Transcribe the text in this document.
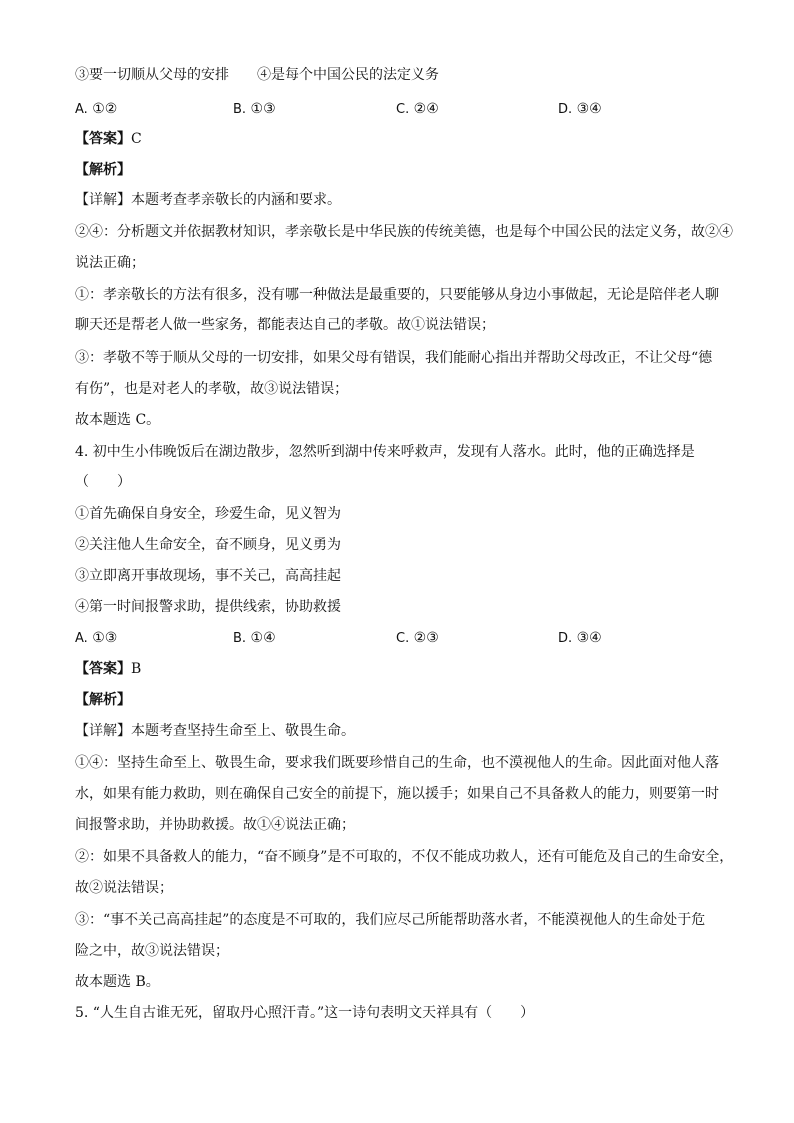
③要一切顺从父母的安排　　④是每个中国公民的法定义务
A. ①②	B. ①③	C. ②④	D. ③④
【答案】C
【解析】
【详解】本题考查孝亲敬长的内涵和要求。
②④：分析题文并依据教材知识，孝亲敬长是中华民族的传统美德，也是每个中国公民的法定义务，故②④
说法正确；
①：孝亲敬长的方法有很多，没有哪一种做法是最重要的，只要能够从身边小事做起，无论是陪伴老人聊
聊天还是帮老人做一些家务，都能表达自己的孝敬。故①说法错误；
③：孝敬不等于顺从父母的一切安排，如果父母有错误，我们能耐心指出并帮助父母改正，不让父母“德
有伤”，也是对老人的孝敬，故③说法错误；
故本题选 C。
4. 初中生小伟晚饭后在湖边散步，忽然听到湖中传来呼救声，发现有人落水。此时，他的正确选择是
（　　）
①首先确保自身安全，珍爱生命，见义智为
②关注他人生命安全，奋不顾身，见义勇为
③立即离开事故现场，事不关己，高高挂起
④第一时间报警求助，提供线索，协助救援
A. ①③	B. ①④	C. ②③	D. ③④
【答案】B
【解析】
【详解】本题考查坚持生命至上、敬畏生命。
①④：坚持生命至上、敬畏生命，要求我们既要珍惜自己的生命，也不漠视他人的生命。因此面对他人落
水，如果有能力救助，则在确保自己安全的前提下，施以援手；如果自己不具备救人的能力，则要第一时
间报警求助，并协助救援。故①④说法正确；
②：如果不具备救人的能力，“奋不顾身”是不可取的，不仅不能成功救人，还有可能危及自己的生命安全，
故②说法错误；
③：“事不关己高高挂起”的态度是不可取的，我们应尽己所能帮助落水者，不能漠视他人的生命处于危
险之中，故③说法错误；
故本题选 B。
5. “人生自古谁无死，留取丹心照汗青。”这一诗句表明文天祥具有（　　）
